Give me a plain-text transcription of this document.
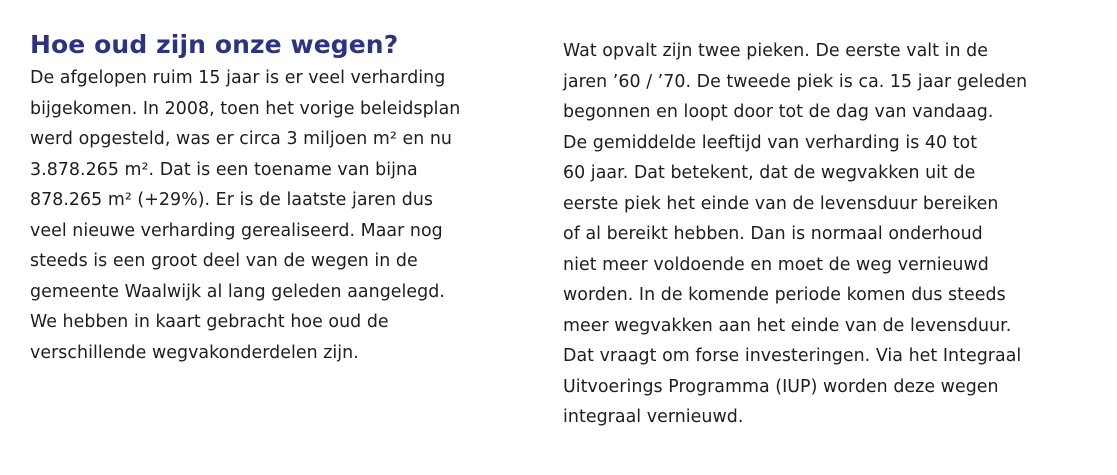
Hoe oud zijn onze wegen?
De afgelopen ruim 15 jaar is er veel verharding
bijgekomen. In 2008, toen het vorige beleidsplan
werd opgesteld, was er circa 3 miljoen m² en nu
3.878.265 m². Dat is een toename van bijna
878.265 m² (+29%). Er is de laatste jaren dus
veel nieuwe verharding gerealiseerd. Maar nog
steeds is een groot deel van de wegen in de
gemeente Waalwijk al lang geleden aangelegd.
We hebben in kaart gebracht hoe oud de
verschillende wegvakonderdelen zijn.
Wat opvalt zijn twee pieken. De eerste valt in de
jaren ’60 / ’70. De tweede piek is ca. 15 jaar geleden
begonnen en loopt door tot de dag van vandaag.
De gemiddelde leeftijd van verharding is 40 tot
60 jaar. Dat betekent, dat de wegvakken uit de
eerste piek het einde van de levensduur bereiken
of al bereikt hebben. Dan is normaal onderhoud
niet meer voldoende en moet de weg vernieuwd
worden. In de komende periode komen dus steeds
meer wegvakken aan het einde van de levensduur.
Dat vraagt om forse investeringen. Via het Integraal
Uitvoerings Programma (IUP) worden deze wegen
integraal vernieuwd.
